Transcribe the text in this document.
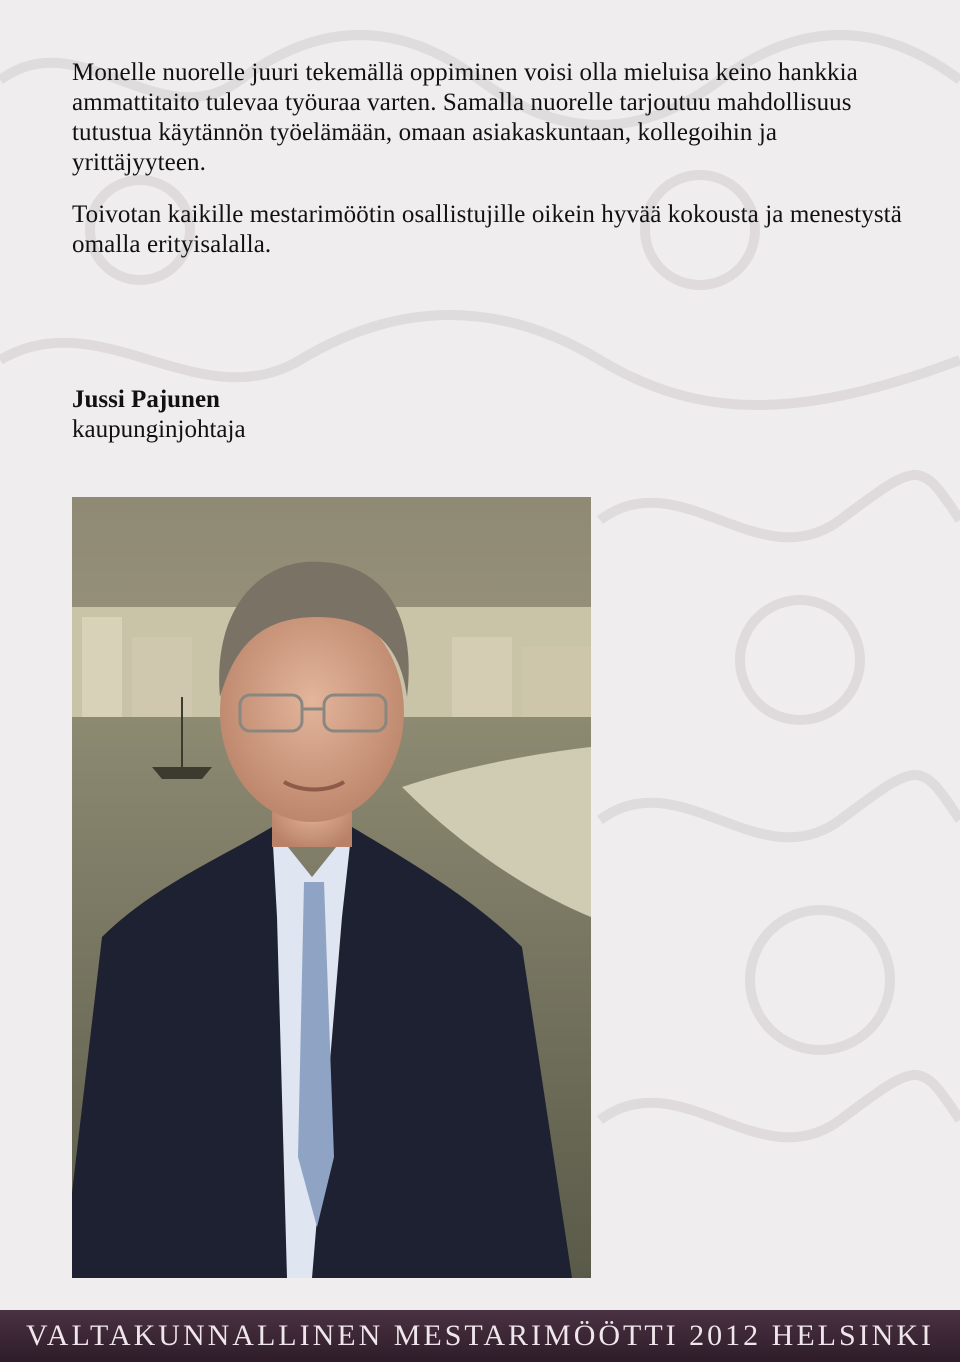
Monelle nuorelle juuri tekemällä oppiminen voisi olla mieluisa keino hankkia ammattitaito tulevaa työuraa varten. Samalla nuorelle tarjoutuu mahdollisuus tutustua käytännön työelämään, omaan asiakaskuntaan, kollegoihin ja yrittäjyyteen.

Toivotan kaikille mestarimöötin osallistujille oikein hyvää kokousta ja menestystä omalla erityisalalla.

Jussi Pajunen
kaupunginjohtaja
VALTAKUNNALLINEN MESTARIMÖÖTTI 2012 HELSINKI
